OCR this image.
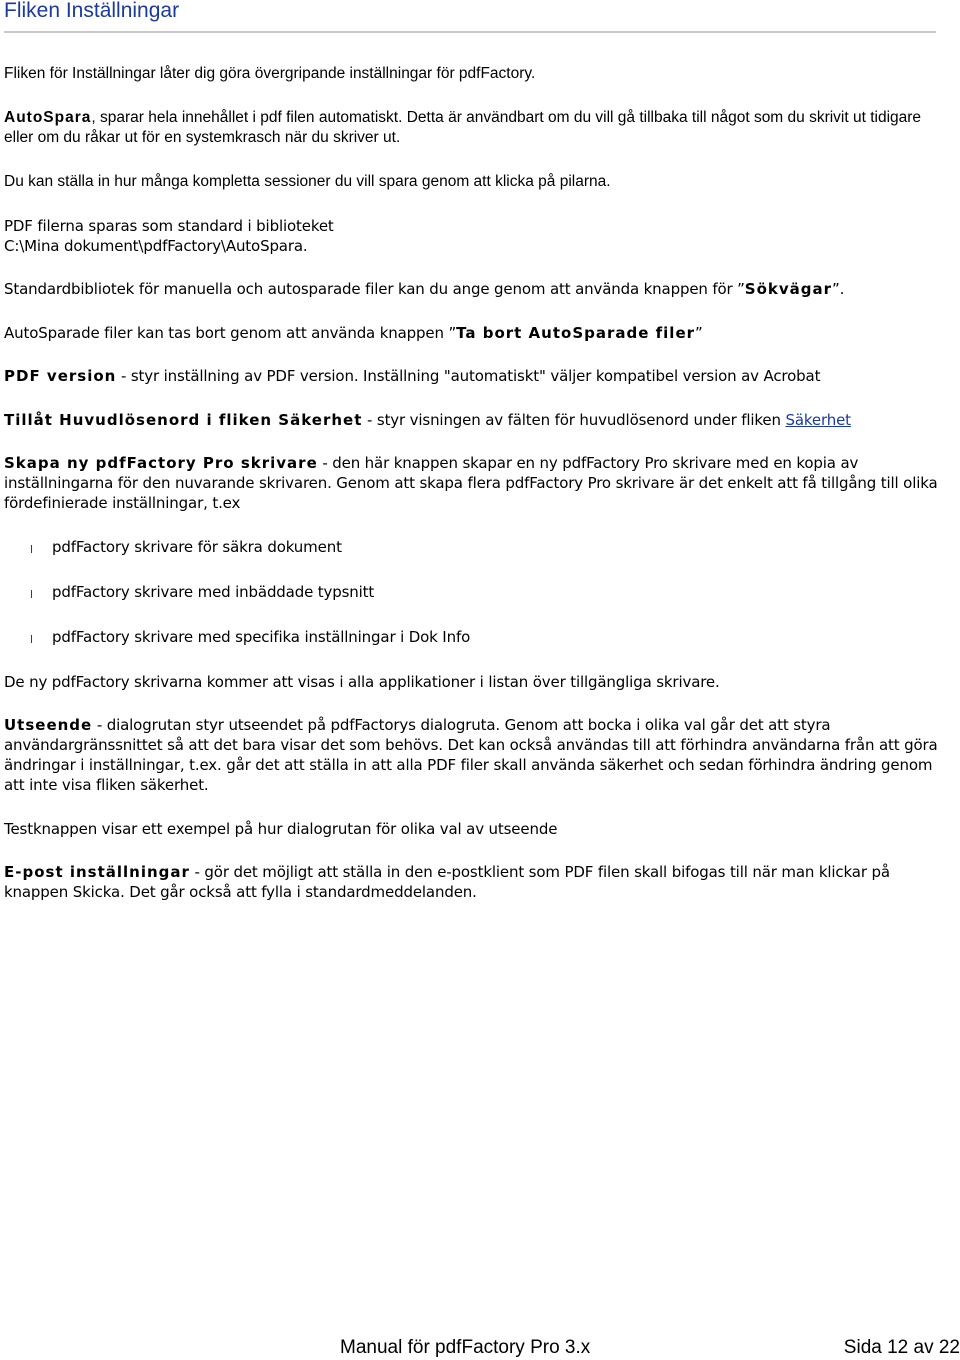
Fliken Inställningar

Fliken för Inställningar låter dig göra övergripande inställningar för pdfFactory.

AutoSpara, sparar hela innehållet i pdf filen automatiskt. Detta är användbart om du vill gå tillbaka till något som du skrivit ut tidigare eller om du råkar ut för en systemkrasch när du skriver ut.

Du kan ställa in hur många kompletta sessioner du vill spara genom att klicka på pilarna.

PDF filerna sparas som standard i biblioteket
C:\Mina dokument\pdfFactory\AutoSpara.

Standardbibliotek för manuella och autosparade filer kan du ange genom att använda knappen för ”Sökvägar”.

AutoSparade filer kan tas bort genom att använda knappen ”Ta bort AutoSparade filer”

PDF version - styr inställning av PDF version. Inställning "automatiskt" väljer kompatibel version av Acrobat

Tillåt Huvudlösenord i fliken Säkerhet - styr visningen av fälten för huvudlösenord under fliken Säkerhet

Skapa ny pdfFactory Pro skrivare - den här knappen skapar en ny pdfFactory Pro skrivare med en kopia av inställningarna för den nuvarande skrivaren. Genom att skapa flera pdfFactory Pro skrivare är det enkelt att få tillgång till olika fördefinierade inställningar, t.ex

l pdfFactory skrivare för säkra dokument
l pdfFactory skrivare med inbäddade typsnitt
l pdfFactory skrivare med specifika inställningar i Dok Info

De ny pdfFactory skrivarna kommer att visas i alla applikationer i listan över tillgängliga skrivare.

Utseende - dialogrutan styr utseendet på pdfFactorys dialogruta. Genom att bocka i olika val går det att styra användargränssnittet så att det bara visar det som behövs. Det kan också användas till att förhindra användarna från att göra ändringar i inställningar, t.ex. går det att ställa in att alla PDF filer skall använda säkerhet och sedan förhindra ändring genom att inte visa fliken säkerhet.

Testknappen visar ett exempel på hur dialogrutan för olika val av utseende

E-post inställningar - gör det möjligt att ställa in den e-postklient som PDF filen skall bifogas till när man klickar på knappen Skicka. Det går också att fylla i standardmeddelanden.

Manual för pdfFactory Pro 3.x	Sida 12 av 22
